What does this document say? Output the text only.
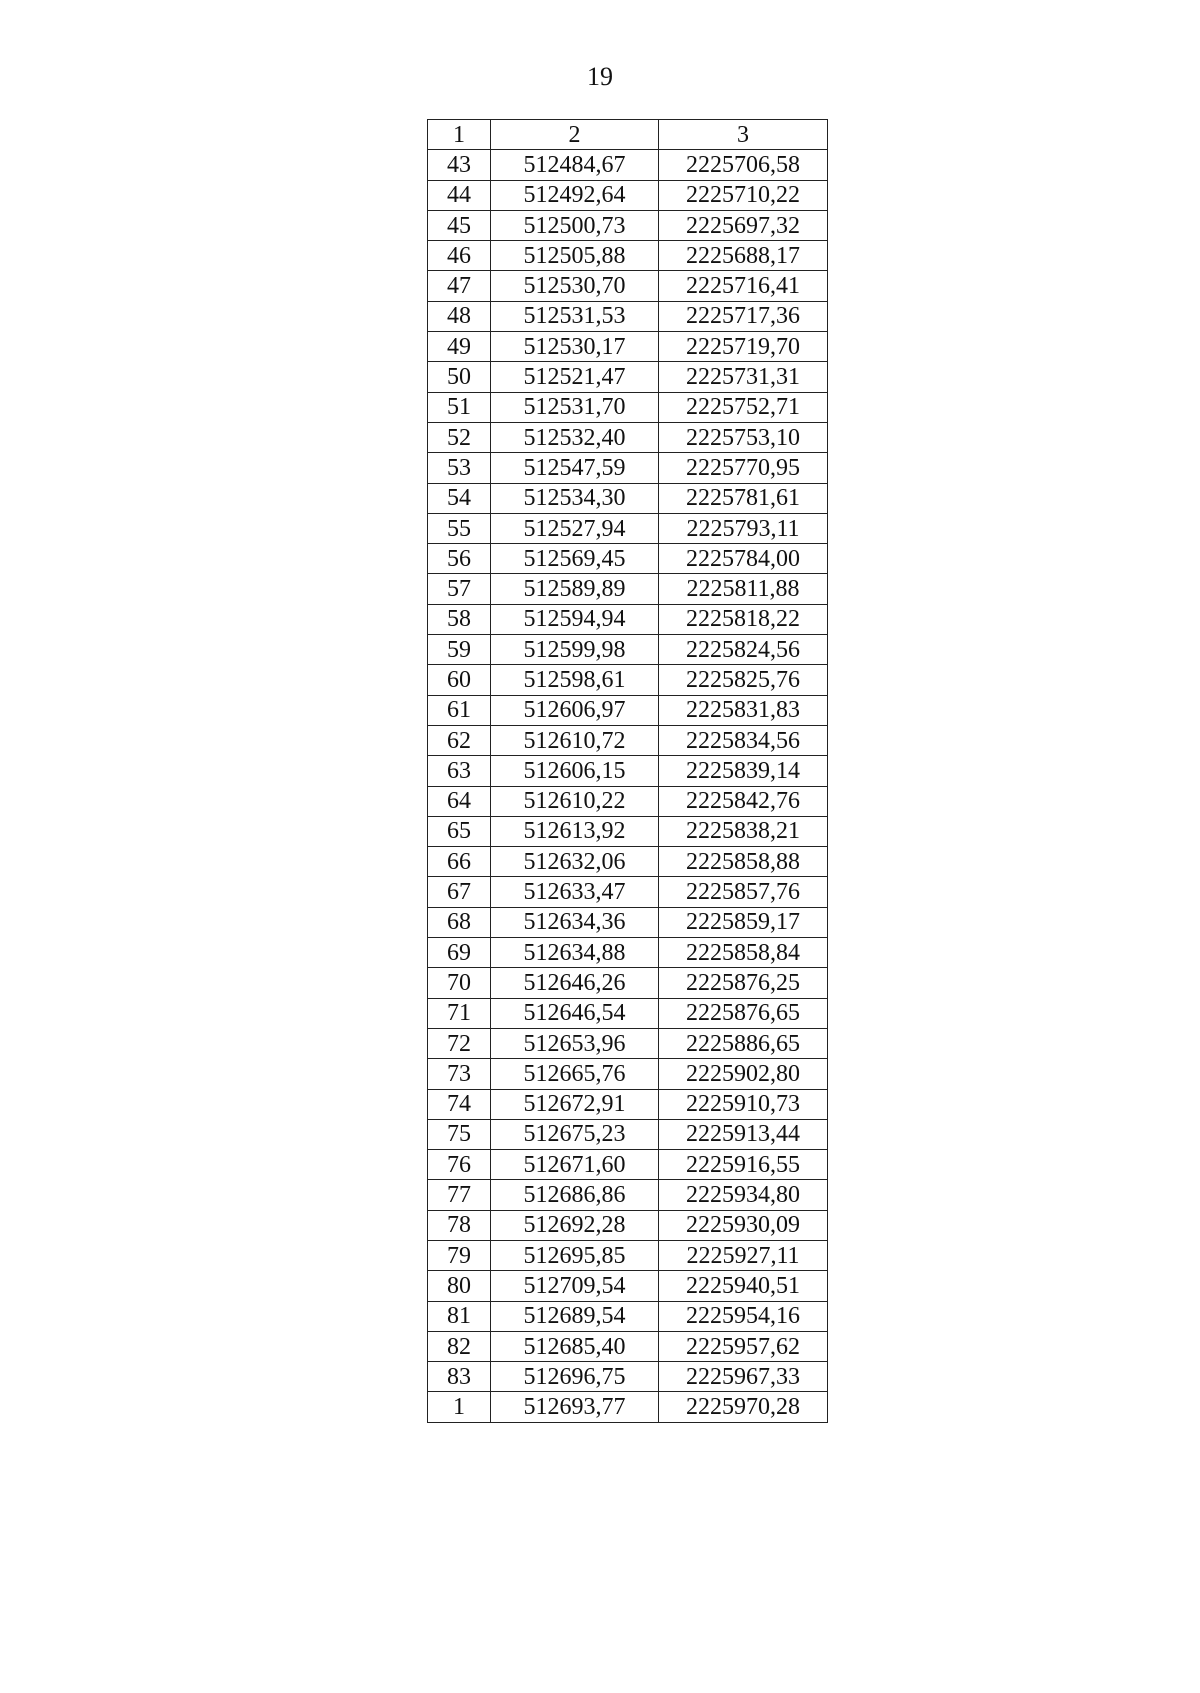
19
1	2	3
43	512484,67	2225706,58
44	512492,64	2225710,22
45	512500,73	2225697,32
46	512505,88	2225688,17
47	512530,70	2225716,41
48	512531,53	2225717,36
49	512530,17	2225719,70
50	512521,47	2225731,31
51	512531,70	2225752,71
52	512532,40	2225753,10
53	512547,59	2225770,95
54	512534,30	2225781,61
55	512527,94	2225793,11
56	512569,45	2225784,00
57	512589,89	2225811,88
58	512594,94	2225818,22
59	512599,98	2225824,56
60	512598,61	2225825,76
61	512606,97	2225831,83
62	512610,72	2225834,56
63	512606,15	2225839,14
64	512610,22	2225842,76
65	512613,92	2225838,21
66	512632,06	2225858,88
67	512633,47	2225857,76
68	512634,36	2225859,17
69	512634,88	2225858,84
70	512646,26	2225876,25
71	512646,54	2225876,65
72	512653,96	2225886,65
73	512665,76	2225902,80
74	512672,91	2225910,73
75	512675,23	2225913,44
76	512671,60	2225916,55
77	512686,86	2225934,80
78	512692,28	2225930,09
79	512695,85	2225927,11
80	512709,54	2225940,51
81	512689,54	2225954,16
82	512685,40	2225957,62
83	512696,75	2225967,33
1	512693,77	2225970,28
